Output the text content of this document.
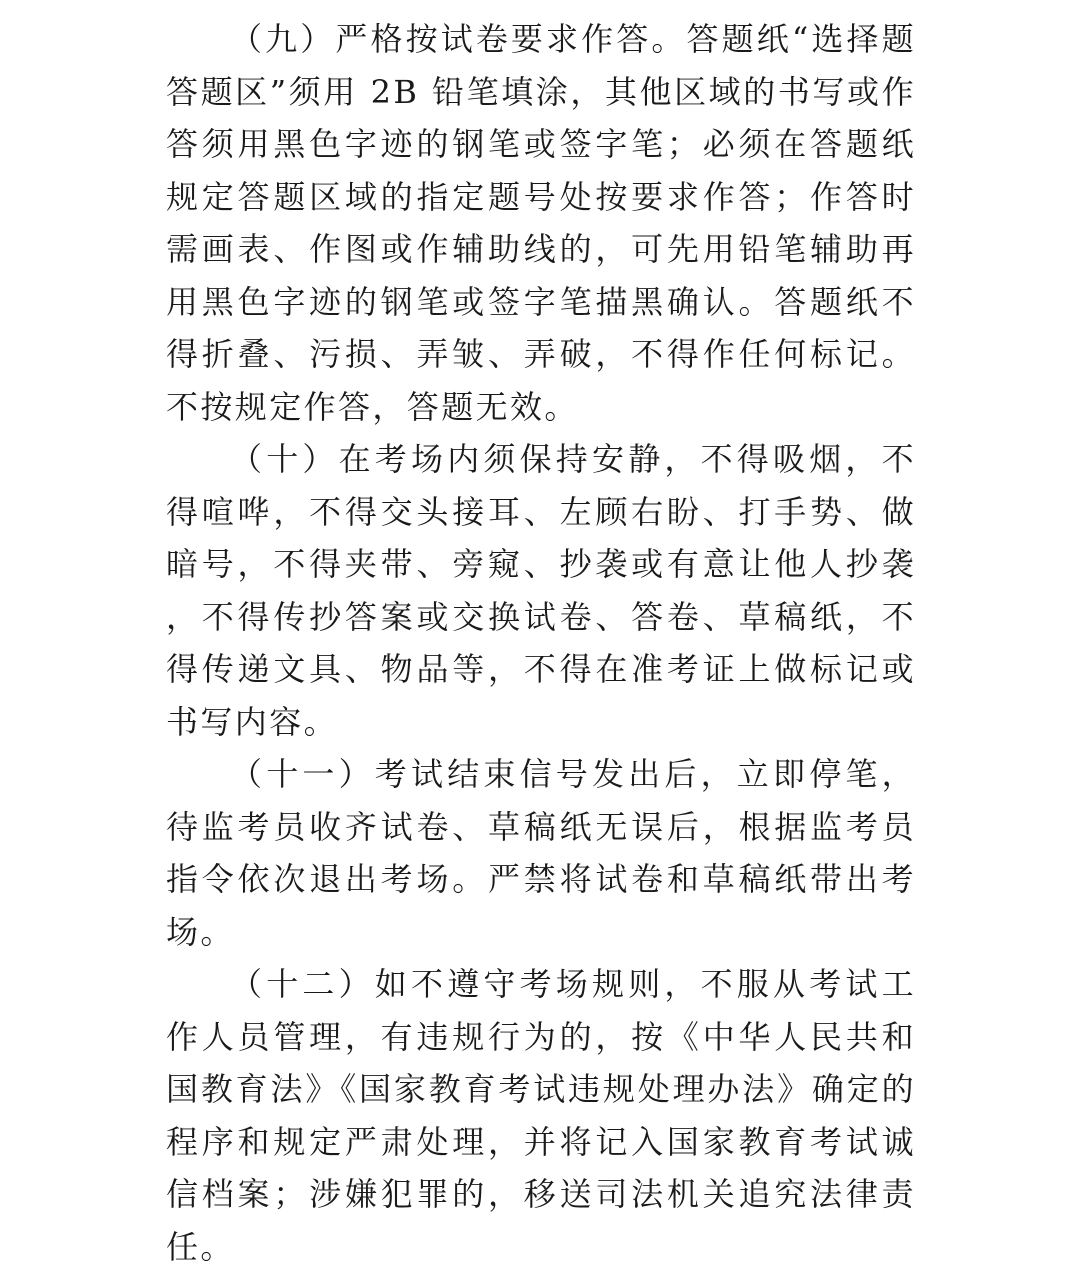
（九）严格按试卷要求作答。答题纸“选择题答题区”须用 2B 铅笔填涂，其他区域的书写或作答须用黑色字迹的钢笔或签字笔；必须在答题纸规定答题区域的指定题号处按要求作答；作答时需画表、作图或作辅助线的，可先用铅笔辅助再用黑色字迹的钢笔或签字笔描黑确认。答题纸不得折叠、污损、弄皱、弄破，不得作任何标记。不按规定作答，答题无效。

（十）在考场内须保持安静，不得吸烟，不得喧哗，不得交头接耳、左顾右盼、打手势、做暗号，不得夹带、旁窥、抄袭或有意让他人抄袭，不得传抄答案或交换试卷、答卷、草稿纸，不得传递文具、物品等，不得在准考证上做标记或书写内容。

（十一）考试结束信号发出后，立即停笔，待监考员收齐试卷、草稿纸无误后，根据监考员指令依次退出考场。严禁将试卷和草稿纸带出考场。

（十二）如不遵守考场规则，不服从考试工作人员管理，有违规行为的，按《中华人民共和国教育法》《国家教育考试违规处理办法》确定的程序和规定严肃处理，并将记入国家教育考试诚信档案；涉嫌犯罪的，移送司法机关追究法律责任。
